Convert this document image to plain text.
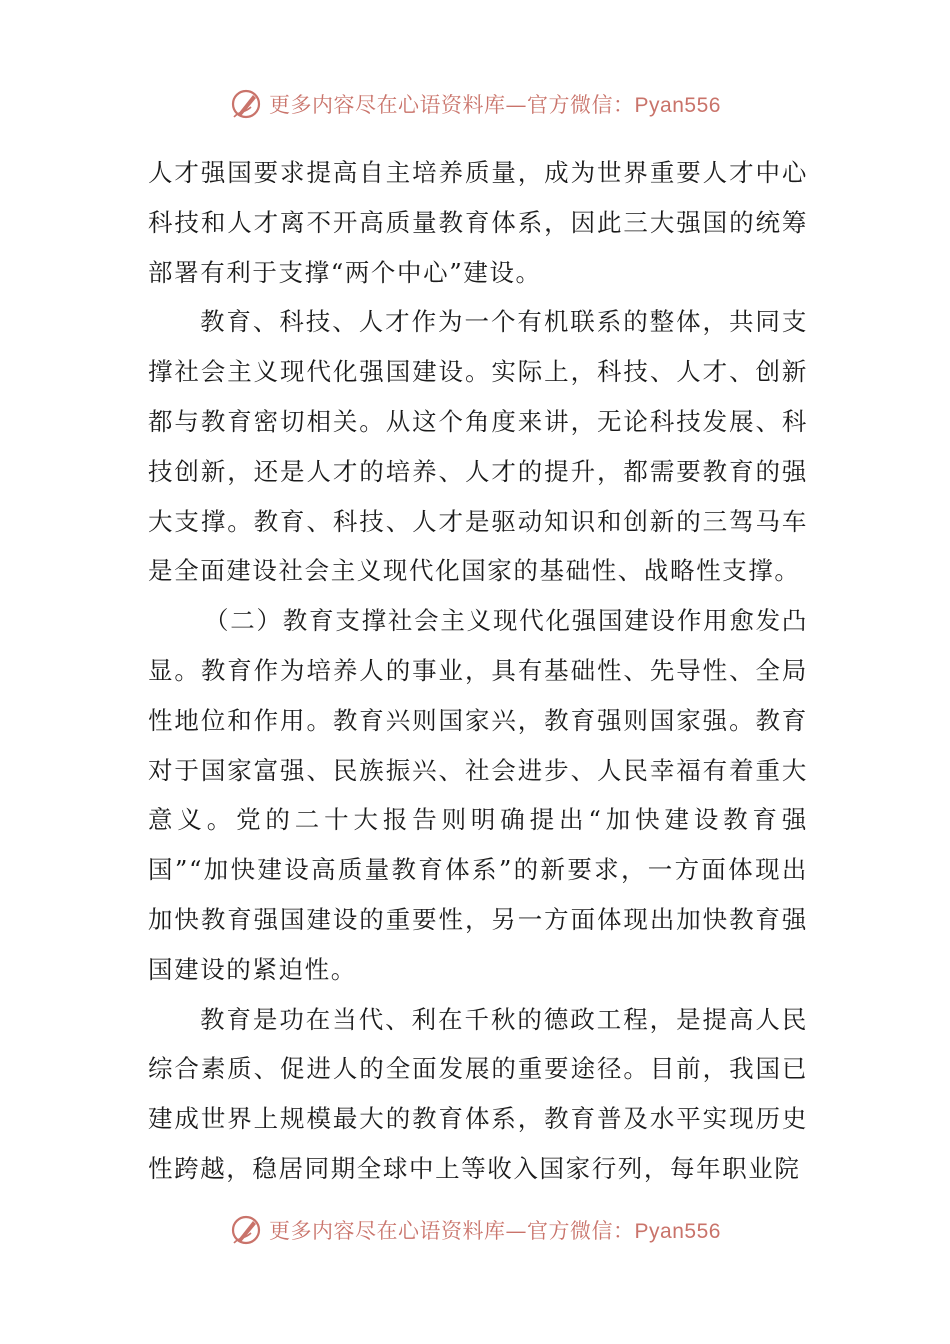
更多内容尽在心语资料库—官方微信：Pyan556

人才强国要求提高自主培养质量，成为世界重要人才中心科技和人才离不开高质量教育体系，因此三大强国的统筹部署有利于支撑“两个中心”建设。

教育、科技、人才作为一个有机联系的整体，共同支撑社会主义现代化强国建设。实际上，科技、人才、创新都与教育密切相关。从这个角度来讲，无论科技发展、科技创新，还是人才的培养、人才的提升，都需要教育的强大支撑。教育、科技、人才是驱动知识和创新的三驾马车是全面建设社会主义现代化国家的基础性、战略性支撑。

（二）教育支撑社会主义现代化强国建设作用愈发凸显。教育作为培养人的事业，具有基础性、先导性、全局性地位和作用。教育兴则国家兴，教育强则国家强。教育对于国家富强、民族振兴、社会进步、人民幸福有着重大意义。党的二十大报告则明确提出“加快建设教育强国”“加快建设高质量教育体系”的新要求，一方面体现出加快教育强国建设的重要性，另一方面体现出加快教育强国建设的紧迫性。

教育是功在当代、利在千秋的德政工程，是提高人民综合素质、促进人的全面发展的重要途径。目前，我国已建成世界上规模最大的教育体系，教育普及水平实现历史性跨越，稳居同期全球中上等收入国家行列，每年职业院

更多内容尽在心语资料库—官方微信：Pyan556
